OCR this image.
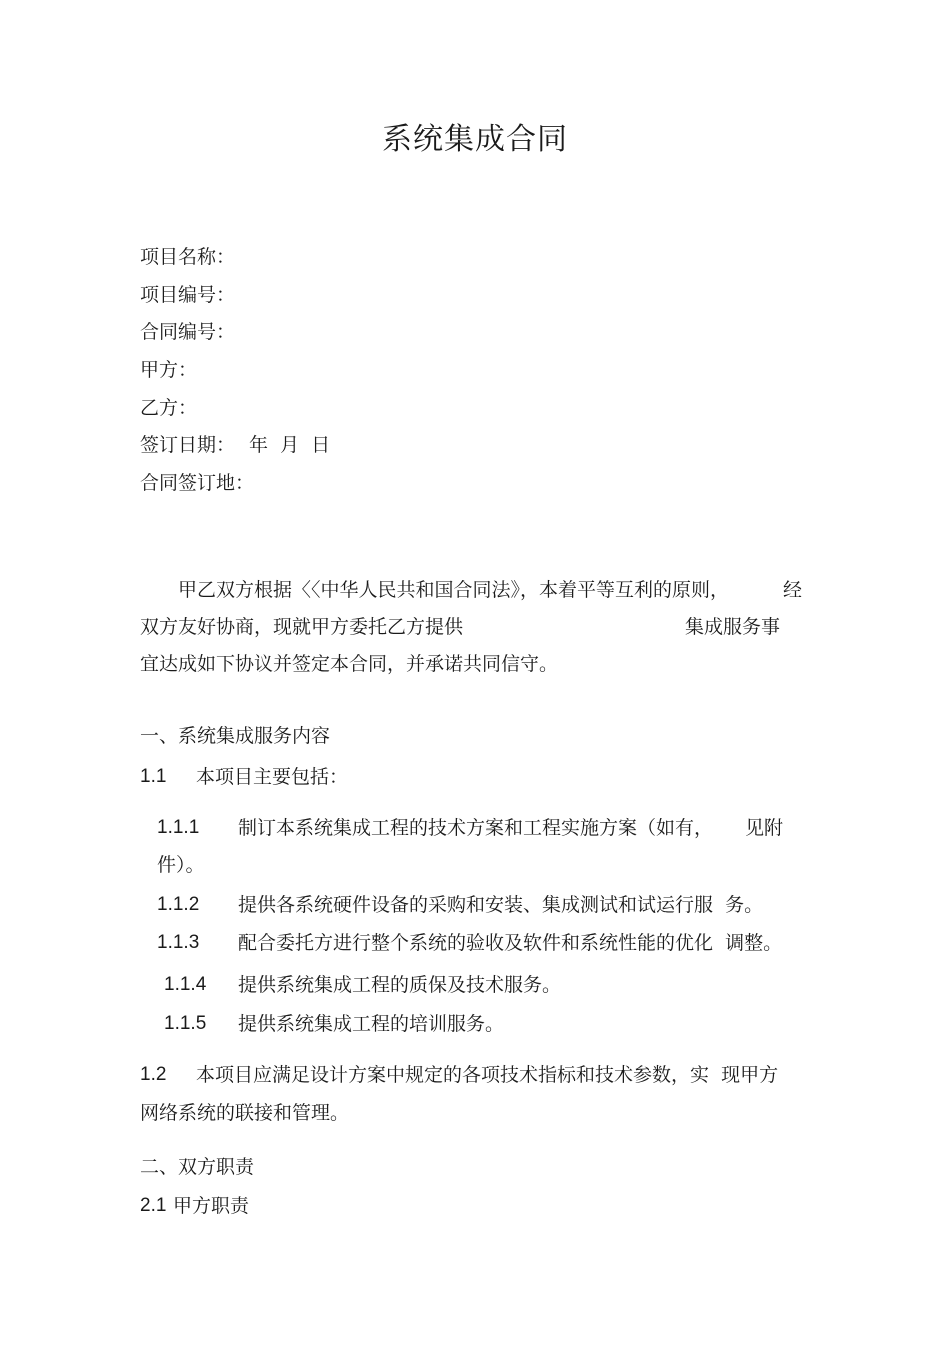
系统集成合同
项目名称：
项目编号：
合同编号：
甲方：
乙方：
签订日期： 年  月  日
合同签订地：
甲乙双方根据〈〈中华人民共和国合同法》，本着平等互利的原则，	经
双方友好协商，现就甲方委托乙方提供	集成服务事
宜达成如下协议并签定本合同，并承诺共同信守。
一、系统集成服务内容
1.1 本项目主要包括：
1.1.1 制订本系统集成工程的技术方案和工程实施方案（如有， 见附
件）。
1.1.2 提供各系统硬件设备的采购和安装、集成测试和试运行服  务。
1.1.3 配合委托方进行整个系统的验收及软件和系统性能的优化  调整。
1.1.4 提供系统集成工程的质保及技术服务。
1.1.5 提供系统集成工程的培训服务。
1.2 本项目应满足设计方案中规定的各项技术指标和技术参数，实  现甲方
网络系统的联接和管理。
二、双方职责
2.1 甲方职责
